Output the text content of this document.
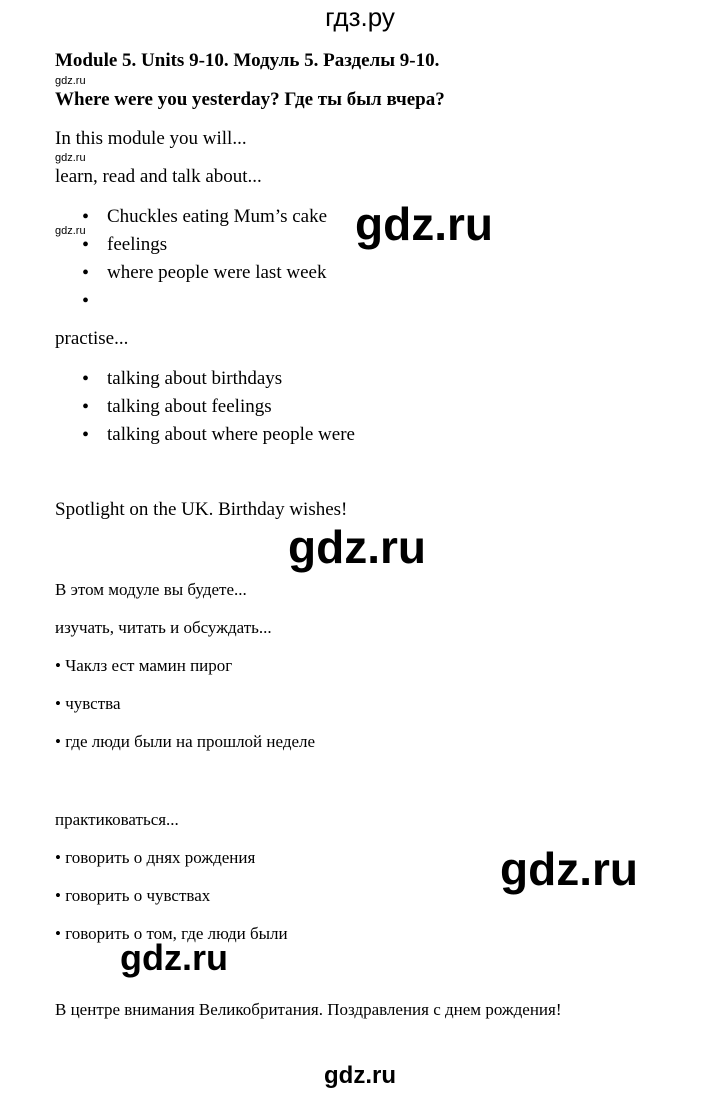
гдз.ру
Module 5. Units 9-10. Модуль 5. Разделы 9-10.
gdz.ru
Where were you yesterday? Где ты был вчера?
In this module you will...
gdz.ru
learn, read and talk about...
• Chuckles eating Mum’s cake
• feelings
• where people were last week
•
gdz.ru	gdz.ru
practise...
• talking about birthdays
• talking about feelings
• talking about where people were
Spotlight on the UK. Birthday wishes!
gdz.ru
В этом модуле вы будете...
изучать, читать и обсуждать...
• Чаклз ест мамин пирог
• чувства
• где люди были на прошлой неделе
практиковаться...
• говорить о днях рождения
• говорить о чувствах
• говорить о том, где люди были
gdz.ru
gdz.ru
В центре внимания Великобритания. Поздравления с днем рождения!
gdz.ru
